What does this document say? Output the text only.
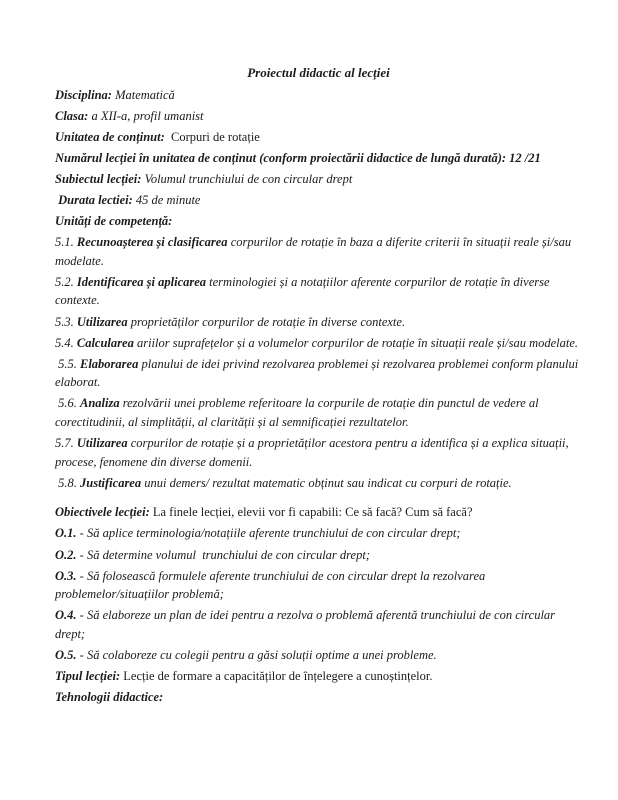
Proiectul didactic al lecției

Disciplina: Matematică

Clasa: a XII-a, profil umanist

Unitatea de conținut:  Corpuri de rotație

Numărul lecției în unitatea de conținut (conform proiectării didactice de lungă durată): 12 /21

Subiectul lecției: Volumul trunchiului de con circular drept

Durata lectiei: 45 de minute

Unități de competență:

5.1. Recunoașterea și clasificarea corpurilor de rotație în baza a diferite criterii în situații reale și/sau modelate.

5.2. Identificarea și aplicarea terminologiei și a notațiilor aferente corpurilor de rotație în diverse contexte.

5.3. Utilizarea proprietăților corpurilor de rotație în diverse contexte.

5.4. Calcularea ariilor suprafețelor și a volumelor corpurilor de rotație în situații reale și/sau modelate.

5.5. Elaborarea planului de idei privind rezolvarea problemei și rezolvarea problemei conform planului elaborat.

5.6. Analiza rezolvării unei probleme referitoare la corpurile de rotație din punctul de vedere al corectitudinii, al simplității, al clarității și al semnificației rezultatelor.

5.7. Utilizarea corpurilor de rotație și a proprietăților acestora pentru a identifica și a explica situații, procese, fenomene din diverse domenii.

5.8. Justificarea unui demers/ rezultat matematic obținut sau indicat cu corpuri de rotație.

Obiectivele lecției: La finele lecției, elevii vor fi capabili: Ce să facă? Cum să facă?

O.1. - Să aplice terminologia/notațiile aferente trunchiului de con circular drept;

O.2. - Să determine volumul  trunchiului de con circular drept;

O.3. - Să folosească formulele aferente trunchiului de con circular drept la rezolvarea problemelor/situațiilor problemă;

O.4. - Să elaboreze un plan de idei pentru a rezolva o problemă aferentă trunchiului de con circular drept;

O.5. - Să colaboreze cu colegii pentru a găsi soluții optime a unei probleme.

Tipul lecției: Lecție de formare a capacităților de înțelegere a cunoștințelor.

Tehnologii didactice:
